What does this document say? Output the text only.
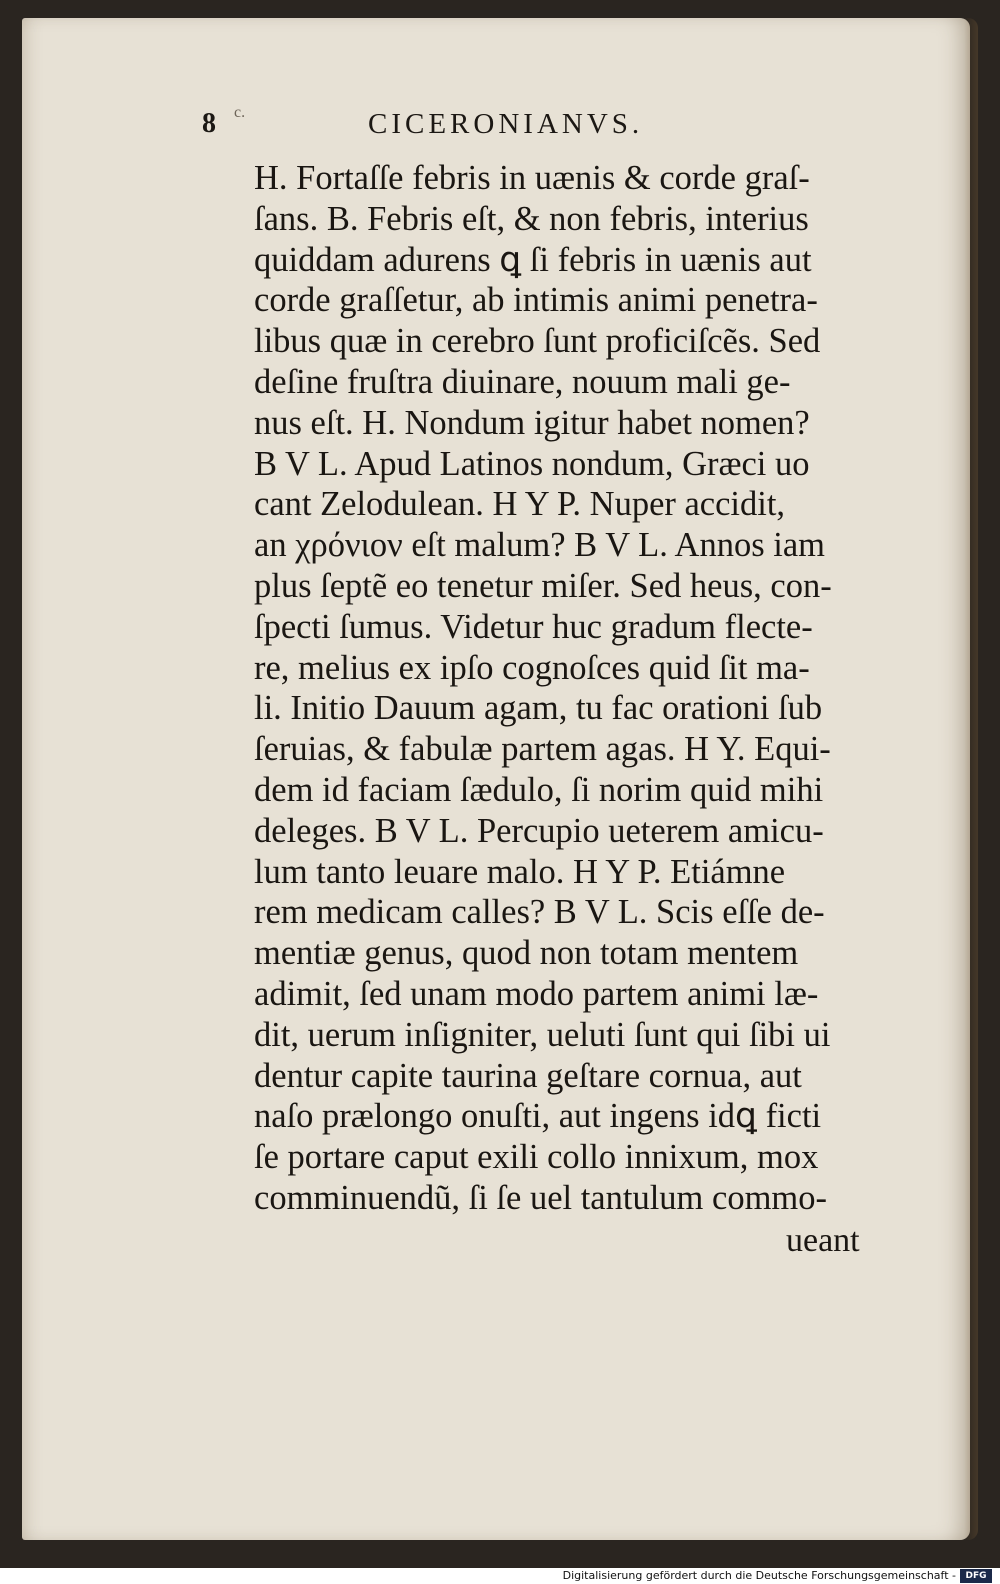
8 c.	CICERONIANVS.
H. Fortaſſe febris in uænis & corde graſ-
ſans. B. Febris eſt, & non febris, interius
quiddam adurens ꝗ ſi febris in uænis aut
corde graſſetur, ab intimis animi penetra-
libus quæ in cerebro ſunt proficiſcẽs. Sed
deſine fruſtra diuinare, nouum mali ge-
nus eſt. H. Nondum igitur habet nomen?
B V L. Apud Latinos nondum, Græci uo
cant Zelodulean. H Y P. Nuper accidit,
an χρόνιον eſt malum? B V L. Annos iam
plus ſeptẽ eo tenetur miſer. Sed heus, con-
ſpecti ſumus. Videtur huc gradum flecte-
re, melius ex ipſo cognoſces quid ſit ma-
li. Initio Dauum agam, tu fac orationi ſub
ſeruias, & fabulæ partem agas. H Y. Equi-
dem id faciam ſædulo, ſi norim quid mihi
deleges. B V L. Percupio ueterem amicu-
lum tanto leuare malo. H Y P. Etiámne
rem medicam calles? B V L. Scis eſſe de-
mentiæ genus, quod non totam mentem
adimit, ſed unam modo partem animi læ-
dit, uerum inſigniter, ueluti ſunt qui ſibi ui
dentur capite taurina geſtare cornua, aut
naſo prælongo onuſti, aut ingens idꝗ ficti
ſe portare caput exili collo innixum, mox
comminuendũ, ſi ſe uel tantulum commo-
ueant
Digitalisierung gefördert durch die Deutsche Forschungsgemeinschaft -	DFG
